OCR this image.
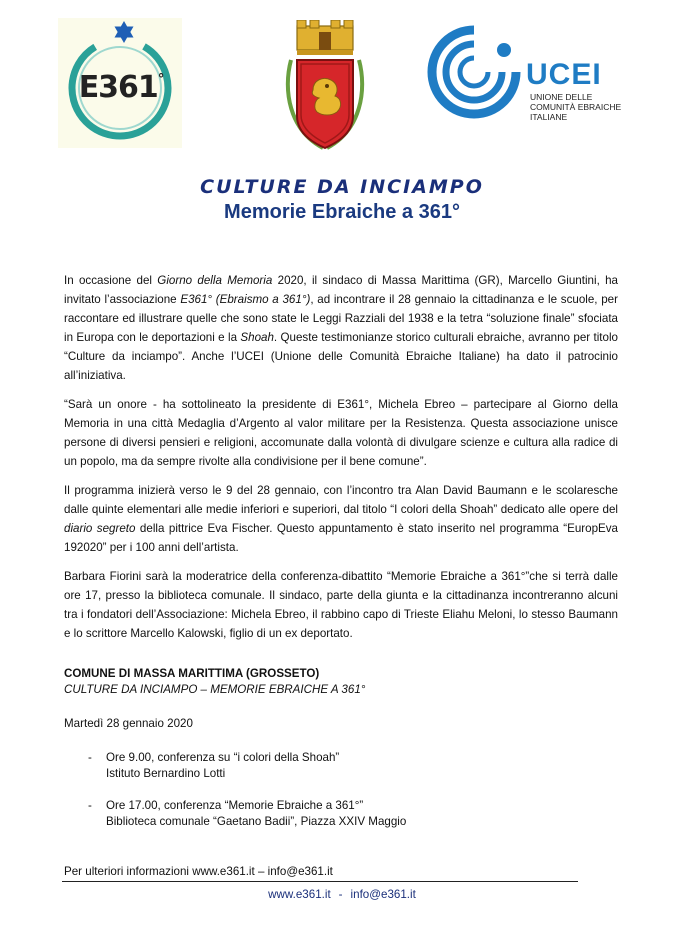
E361°	UCEI
UNIONE DELLE
COMUNITÀ EBRAICHE
ITALIANE
CULTURE DA INCIAMPO
Memorie Ebraiche a 361°

In occasione del Giorno della Memoria 2020, il sindaco di Massa Marittima (GR), Marcello Giuntini, ha invitato l’associazione E361° (Ebraismo a 361°), ad incontrare il 28 gennaio la cittadinanza e le scuole, per raccontare ed illustrare quelle che sono state le Leggi Razziali del 1938 e la tetra “soluzione finale” sfociata in Europa con le deportazioni e la Shoah. Queste testimonianze storico culturali ebraiche, avranno per titolo “Culture da inciampo”. Anche l’UCEI (Unione delle Comunità Ebraiche Italiane) ha dato il patrocinio all’iniziativa.

“Sarà un onore - ha sottolineato la presidente di E361°, Michela Ebreo – partecipare al Giorno della Memoria in una città Medaglia d’Argento al valor militare per la Resistenza. Questa associazione unisce persone di diversi pensieri e religioni, accomunate dalla volontà di divulgare scienze e cultura alla radice di un popolo, ma da sempre rivolte alla condivisione per il bene comune”.

Il programma inizierà verso le 9 del 28 gennaio, con l’incontro tra Alan David Baumann e le scolaresche dalle quinte elementari alle medie inferiori e superiori, dal titolo “I colori della Shoah” dedicato alle opere del diario segreto della pittrice Eva Fischer. Questo appuntamento è stato inserito nel programma “EuropEva 192020” per i 100 anni dell’artista.

Barbara Fiorini sarà la moderatrice della conferenza-dibattito “Memorie Ebraiche a 361°”che si terrà dalle ore 17, presso la biblioteca comunale. Il sindaco, parte della giunta e la cittadinanza incontreranno alcuni tra i fondatori dell’Associazione: Michela Ebreo, il rabbino capo di Trieste Eliahu Meloni, lo stesso Baumann e lo scrittore Marcello Kalowski, figlio di un ex deportato.

COMUNE DI MASSA MARITTIMA (GROSSETO)
CULTURE DA INCIAMPO – MEMORIE EBRAICHE A 361°
Martedì 28 gennaio 2020
- Ore 9.00, conferenza su “i colori della Shoah”
Istituto Bernardino Lotti
- Ore 17.00, conferenza “Memorie Ebraiche a 361°”
Biblioteca comunale “Gaetano Badii”, Piazza XXIV Maggio
Per ulteriori informazioni www.e361.it – info@e361.it
www.e361.it - info@e361.it
